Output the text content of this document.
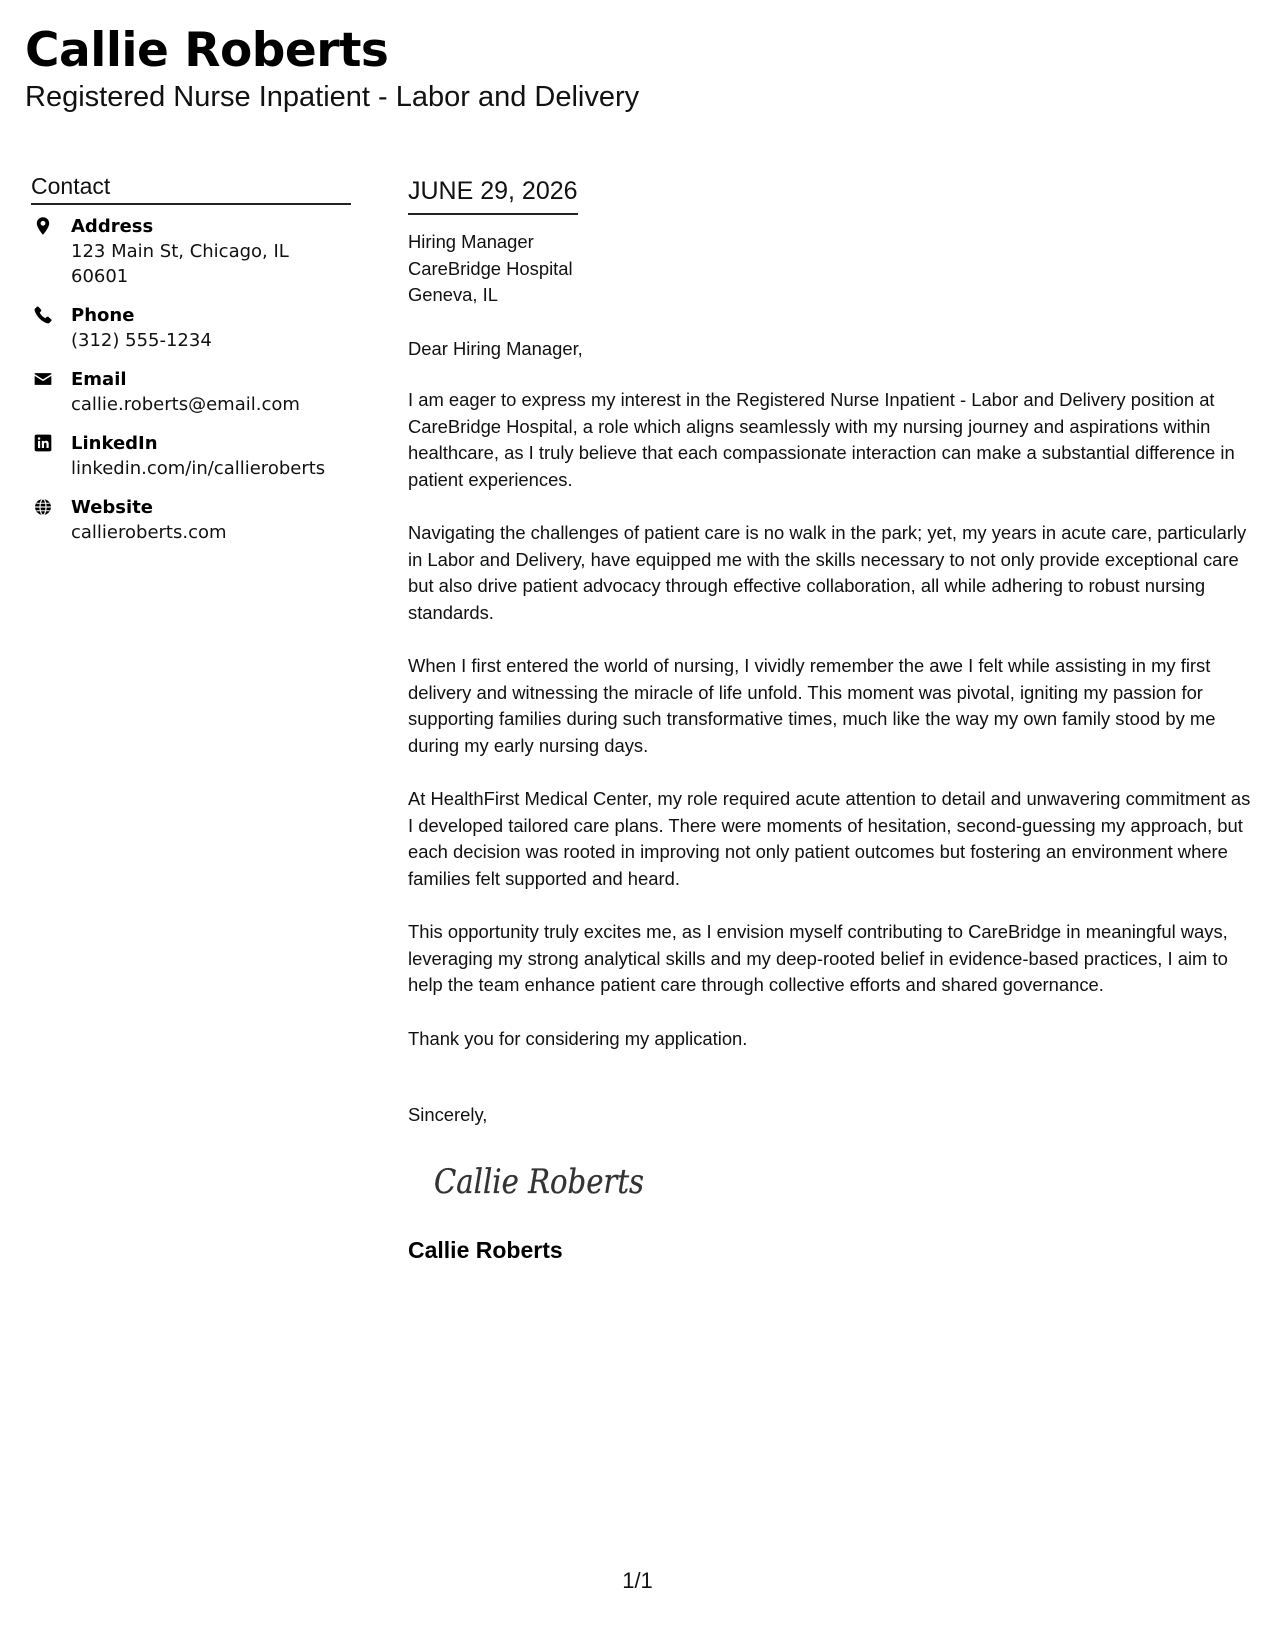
Callie Roberts
Registered Nurse Inpatient - Labor and Delivery
Contact
Address
123 Main St, Chicago, IL 60601
Phone
(312) 555-1234
Email
callie.roberts@email.com
LinkedIn
linkedin.com/in/callieroberts
Website
callieroberts.com
JUNE 29, 2026
Hiring Manager
CareBridge Hospital
Geneva, IL

Dear Hiring Manager,

I am eager to express my interest in the Registered Nurse Inpatient - Labor and Delivery position at CareBridge Hospital, a role which aligns seamlessly with my nursing journey and aspirations within healthcare, as I truly believe that each compassionate interaction can make a substantial difference in patient experiences.

Navigating the challenges of patient care is no walk in the park; yet, my years in acute care, particularly in Labor and Delivery, have equipped me with the skills necessary to not only provide exceptional care but also drive patient advocacy through effective collaboration, all while adhering to robust nursing standards.

When I first entered the world of nursing, I vividly remember the awe I felt while assisting in my first delivery and witnessing the miracle of life unfold. This moment was pivotal, igniting my passion for supporting families during such transformative times, much like the way my own family stood by me during my early nursing days.

At HealthFirst Medical Center, my role required acute attention to detail and unwavering commitment as I developed tailored care plans. There were moments of hesitation, second-guessing my approach, but each decision was rooted in improving not only patient outcomes but fostering an environment where families felt supported and heard.

This opportunity truly excites me, as I envision myself contributing to CareBridge in meaningful ways, leveraging my strong analytical skills and my deep-rooted belief in evidence-based practices, I aim to help the team enhance patient care through collective efforts and shared governance.

Thank you for considering my application.

Sincerely,
Callie Roberts
Callie Roberts
1/1
